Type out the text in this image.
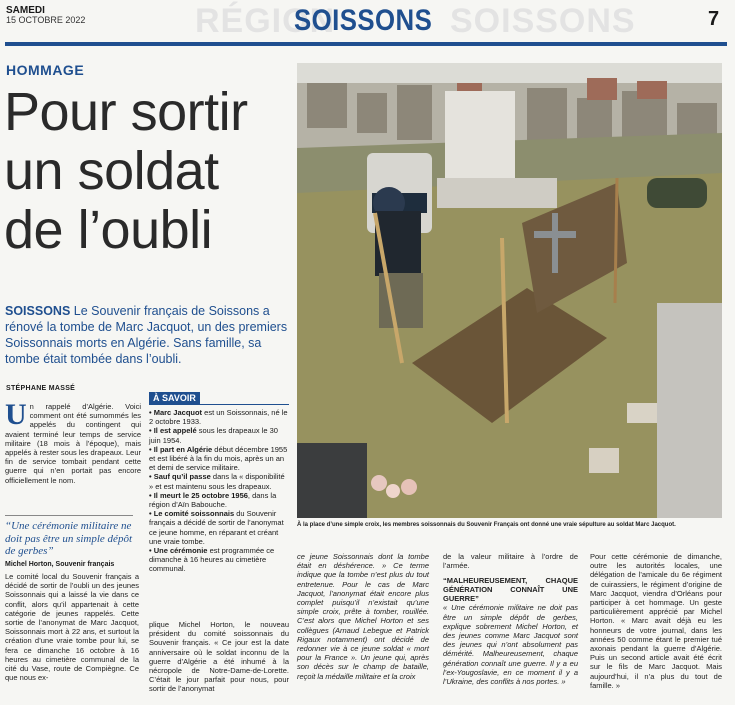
SAMEDI
15 OCTOBRE 2022	RÉGION	SOISSONS
SOISSONS	7
HOMMAGE
Pour sortir
un soldat
de l’oubli
SOISSONS Le Souvenir français de Soissons a rénové la tombe de Marc Jacquot, un des premiers Soissonnais morts en Algérie. Sans famille, sa tombe était tombée dans l’oubli.
STÉPHANE MASSÉ
U n rappelé d’Algérie. Voici comment ont été surnommés les appelés du contingent qui avaient terminé leur temps de service militaire (18 mois à l’époque), mais appelés à rester sous les drapeaux. Leur fin de service tombait pendant cette guerre qui n’en portait pas encore officiellement le nom.
“Une cérémonie militaire ne doit pas être un simple dépôt de gerbes”
Michel Horton, Souvenir français
Le comité local du Souvenir français a décidé de sortir de l’oubli un des jeunes Soissonnais qui a laissé la vie dans ce conflit, alors qu’il appartenait à cette catégorie de jeunes rappelés. Cette sortie de l’anonymat de Marc Jacquot, Soissonnais mort à 22 ans, et surtout la création d’une vraie tombe pour lui, se fera ce dimanche 16 octobre à 16 heures au cimetière communal de la cité du Vase, route de Compiègne. Ce que nous ex-
À SAVOIR

• Marc Jacquot est un Soissonnais, né le 2 octobre 1933.

• Il est appelé sous les drapeaux le 30 juin 1954.

• Il part en Algérie début décembre 1955 et est libéré à la fin du mois, après un an et demi de service militaire.

• Sauf qu’il passe dans la « disponibilité » et est maintenu sous les drapeaux.

• Il meurt le 25 octobre 1956, dans la région d’Aïn Babouche.

• Le comité soissonnais du Souvenir français a décidé de sortir de l’anonymat ce jeune homme, en réparant et créant une vraie tombe.

• Une cérémonie est programmée ce dimanche à 16 heures au cimetière communal.

plique Michel Horton, le nouveau président du comité soissonnais du Souvenir français. « Ce jour est la date anniversaire où le soldat inconnu de la guerre d’Algérie a été inhumé à la nécropole de Notre-Dame-de-Lorette. C’était le jour parfait pour nous, pour sortir de l’anonymat
À la place d’une simple croix, les membres soissonnais du Souvenir Français ont donné une vraie sépulture au soldat Marc Jacquot.
ce jeune Soissonnais dont la tombe était en déshérence. » Ce terme indique que la tombe n’est plus du tout entretenue. Pour le cas de Marc Jacquot, l’anonymat était encore plus complet puisqu’il n’existait qu’une simple croix, prête à tomber, rouillée. C’est alors que Michel Horton et ses collègues (Arnaud Lebegue et Patrick Rigaux notamment) ont décidé de redonner vie à ce jeune soldat « mort pour la France ». Un jeune qui, après son décès sur le champ de bataille, reçoit la médaille militaire et la croix
de la valeur militaire à l’ordre de l’armée.
“MALHEUREUSEMENT, CHAQUE GÉNÉRATION CONNAÎT UNE GUERRE”
« Une cérémonie militaire ne doit pas être un simple dépôt de gerbes, explique sobrement Michel Horton, et des jeunes comme Marc Jacquot sont des jeunes qui n’ont absolument pas démérité. Malheureusement, chaque génération connaît une guerre. Il y a eu l’ex-Yougoslavie, en ce moment il y a l’Ukraine, des conflits à nos portes. »
Pour cette cérémonie de dimanche, outre les autorités locales, une délégation de l’amicale du 6e régiment de cuirassiers, le régiment d’origine de Marc Jacquot, viendra d’Orléans pour participer à cet hommage. Un geste particulièrement apprécié par Michel Horton. « Marc avait déjà eu les honneurs de votre journal, dans les années 50 comme étant le premier tué axonais pendant la guerre d’Algérie. Puis un second article avait été écrit sur le fils de Marc Jacquot. Mais aujourd’hui, il n’a plus du tout de famille. »
